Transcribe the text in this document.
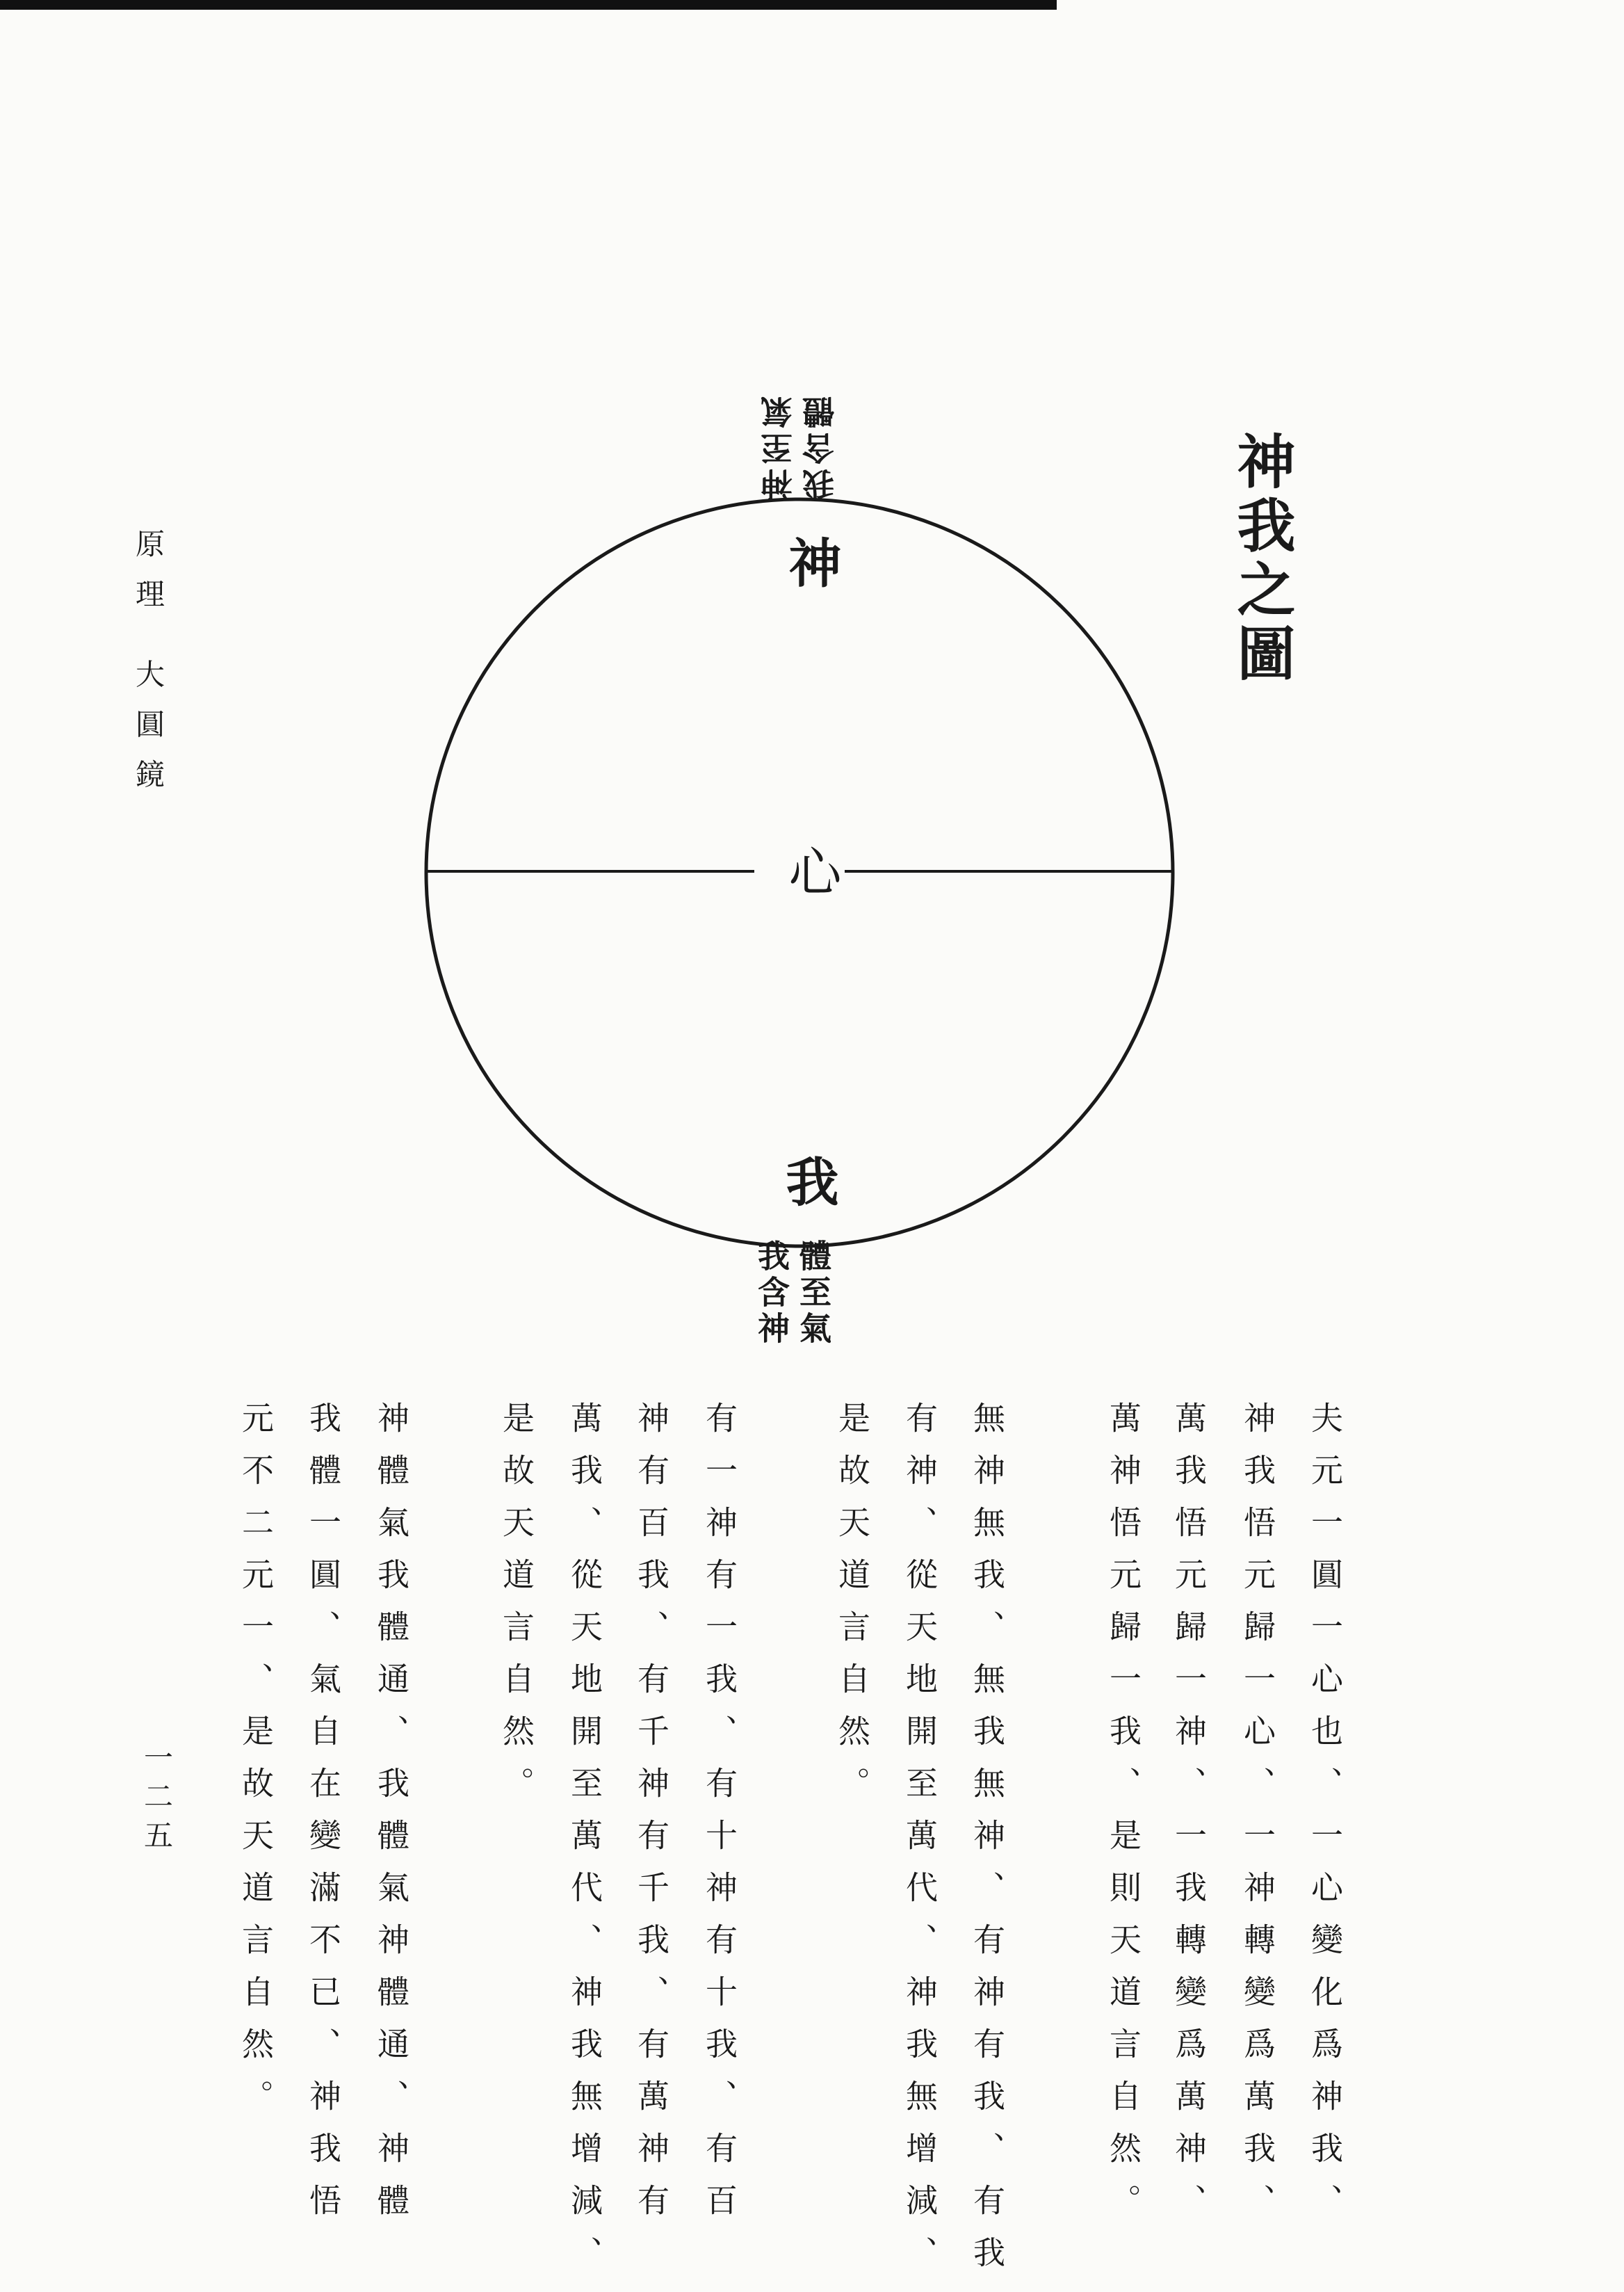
原理 大圓鏡
一二五
神我之圖
神
心
我
神至氣 我含體
體至氣 我含神
夫元一圓一心也、一心變化爲神我、
神我悟元歸一心、一神轉變爲萬我、
萬我悟元歸一神、一我轉變爲萬神、
萬神悟元歸一我、是則天道言自然。
無神無我、無我無神、有神有我、有我
有神、從天地開至萬代、神我無增減、
是故天道言自然。
有一神有一我、有十神有十我、有百
神有百我、有千神有千我、有萬神有
萬我、從天地開至萬代、神我無增減、
是故天道言自然。
神體氣我體通、我體氣神體通、神體
我體一圓、氣自在變滿不已、神我悟
元不二元一、是故天道言自然。
